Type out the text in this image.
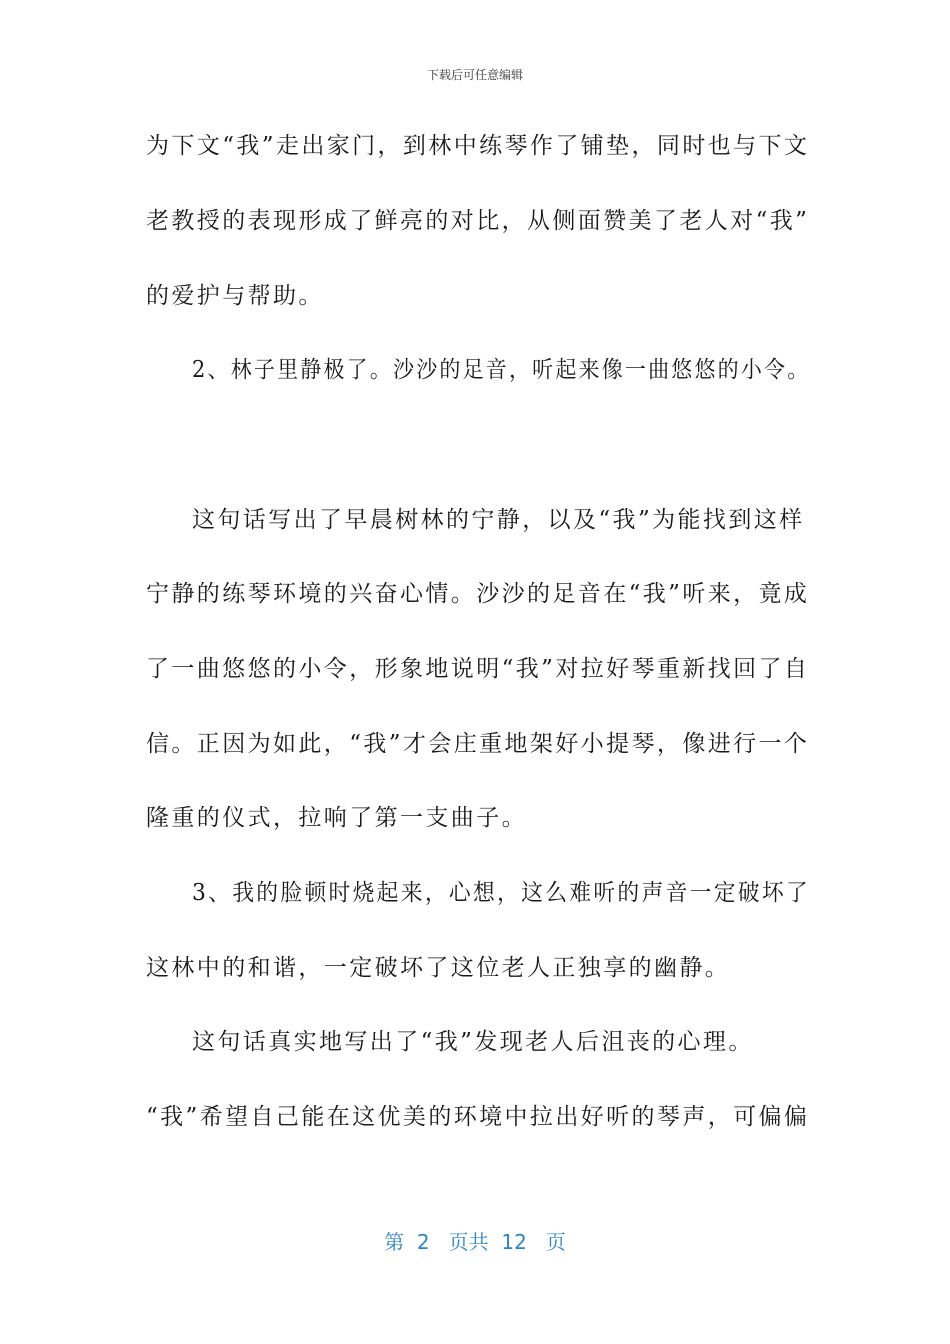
下载后可任意编辑
为下文“我”走出家门，到林中练琴作了铺垫，同时也与下文
老教授的表现形成了鲜亮的对比，从侧面赞美了老人对“我”
的爱护与帮助。
2、林子里静极了。沙沙的足音，听起来像一曲悠悠的小令。
这句话写出了早晨树林的宁静，以及“我”为能找到这样
宁静的练琴环境的兴奋心情。沙沙的足音在“我”听来，竟成
了一曲悠悠的小令，形象地说明“我”对拉好琴重新找回了自
信。正因为如此，“我”才会庄重地架好小提琴，像进行一个
隆重的仪式，拉响了第一支曲子。
3、我的脸顿时烧起来，心想，这么难听的声音一定破坏了
这林中的和谐，一定破坏了这位老人正独享的幽静。
这句话真实地写出了“我”发现老人后沮丧的心理。
“我”希望自己能在这优美的环境中拉出好听的琴声，可偏偏
第  2   页共  12   页
